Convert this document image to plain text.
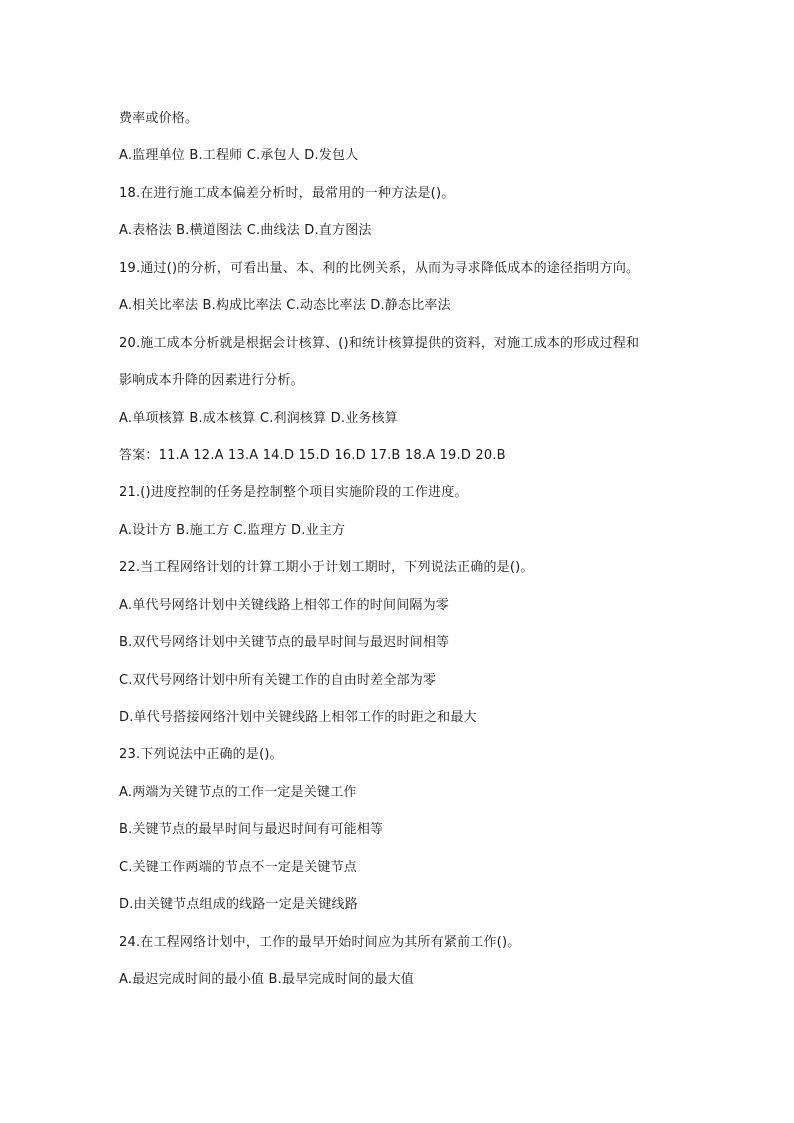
费率或价格。
A.监理单位 B.工程师 C.承包人 D.发包人
18.在进行施工成本偏差分析时，最常用的一种方法是()。
A.表格法 B.横道图法 C.曲线法 D.直方图法
19.通过()的分析，可看出量、本、利的比例关系，从而为寻求降低成本的途径指明方向。
A.相关比率法 B.构成比率法 C.动态比率法 D.静态比率法
20.施工成本分析就是根据会计核算、()和统计核算提供的资料，对施工成本的形成过程和
影响成本升降的因素进行分析。
A.单项核算 B.成本核算 C.利润核算 D.业务核算
答案：11.A 12.A 13.A 14.D 15.D 16.D 17.B 18.A 19.D 20.B
21.()进度控制的任务是控制整个项目实施阶段的工作进度。
A.设计方 B.施工方 C.监理方 D.业主方
22.当工程网络计划的计算工期小于计划工期时，下列说法正确的是()。
A.单代号网络计划中关键线路上相邻工作的时间间隔为零
B.双代号网络计划中关键节点的最早时间与最迟时间相等
C.双代号网络计划中所有关键工作的自由时差全部为零
D.单代号搭接网络汁划中关键线路上相邻工作的时距之和最大
23.下列说法中正确的是()。
A.两端为关键节点的工作一定是关键工作
B.关键节点的最早时间与最迟时间有可能相等
C.关键工作两端的节点不一定是关键节点
D.由关键节点组成的线路一定是关键线路
24.在工程网络计划中，工作的最早开始时间应为其所有紧前工作()。
A.最迟完成时间的最小值 B.最早完成时间的最大值
